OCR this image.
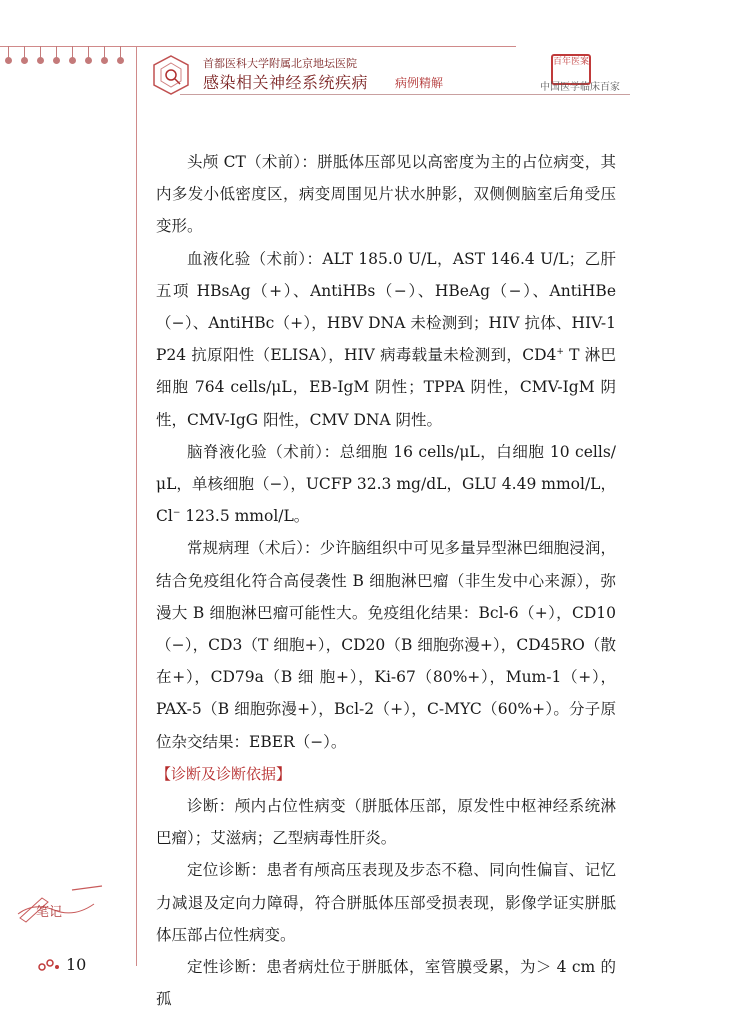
首都医科大学附属北京地坛医院
感染相关神经系统疾病 病例精解
百年医案
中国医学临床百家

头颅 CT（术前）：胼胝体压部见以高密度为主的占位病变，其内多发小低密度区，病变周围见片状水肿影，双侧侧脑室后角受压变形。

血液化验（术前）：ALT 185.0 U/L，AST 146.4 U/L；乙肝五项 HBsAg（+）、AntiHBs（−）、HBeAg（−）、AntiHBe（−）、AntiHBc（+），HBV DNA 未检测到；HIV 抗体、HIV-1 P24 抗原阳性（ELISA），HIV 病毒载量未检测到，CD4+ T 淋巴细胞 764 cells/μL，EB-IgM 阴性；TPPA 阴性，CMV-IgM 阴性，CMV-IgG 阳性，CMV DNA 阴性。

脑脊液化验（术前）：总细胞 16 cells/μL，白细胞 10 cells/μL，单核细胞（−），UCFP 32.3 mg/dL，GLU 4.49 mmol/L，Cl− 123.5 mmol/L。

常规病理（术后）：少许脑组织中可见多量异型淋巴细胞浸润，结合免疫组化符合高侵袭性 B 细胞淋巴瘤（非生发中心来源），弥漫大 B 细胞淋巴瘤可能性大。免疫组化结果：Bcl-6（+），CD10（−），CD3（T 细胞+），CD20（B 细胞弥漫+），CD45RO（散在+），CD79a（B 细 胞+），Ki-67（80%+），Mum-1（+），PAX-5（B 细胞弥漫+），Bcl-2（+），C-MYC（60%+）。分子原位杂交结果：EBER（−）。

【诊断及诊断依据】

诊断：颅内占位性病变（胼胝体压部，原发性中枢神经系统淋巴瘤）；艾滋病；乙型病毒性肝炎。

定位诊断：患者有颅高压表现及步态不稳、同向性偏盲、记忆力减退及定向力障碍，符合胼胝体压部受损表现，影像学证实胼胝体压部占位性病变。

定性诊断：患者病灶位于胼胝体，室管膜受累，为＞ 4 cm 的孤

笔记
10
